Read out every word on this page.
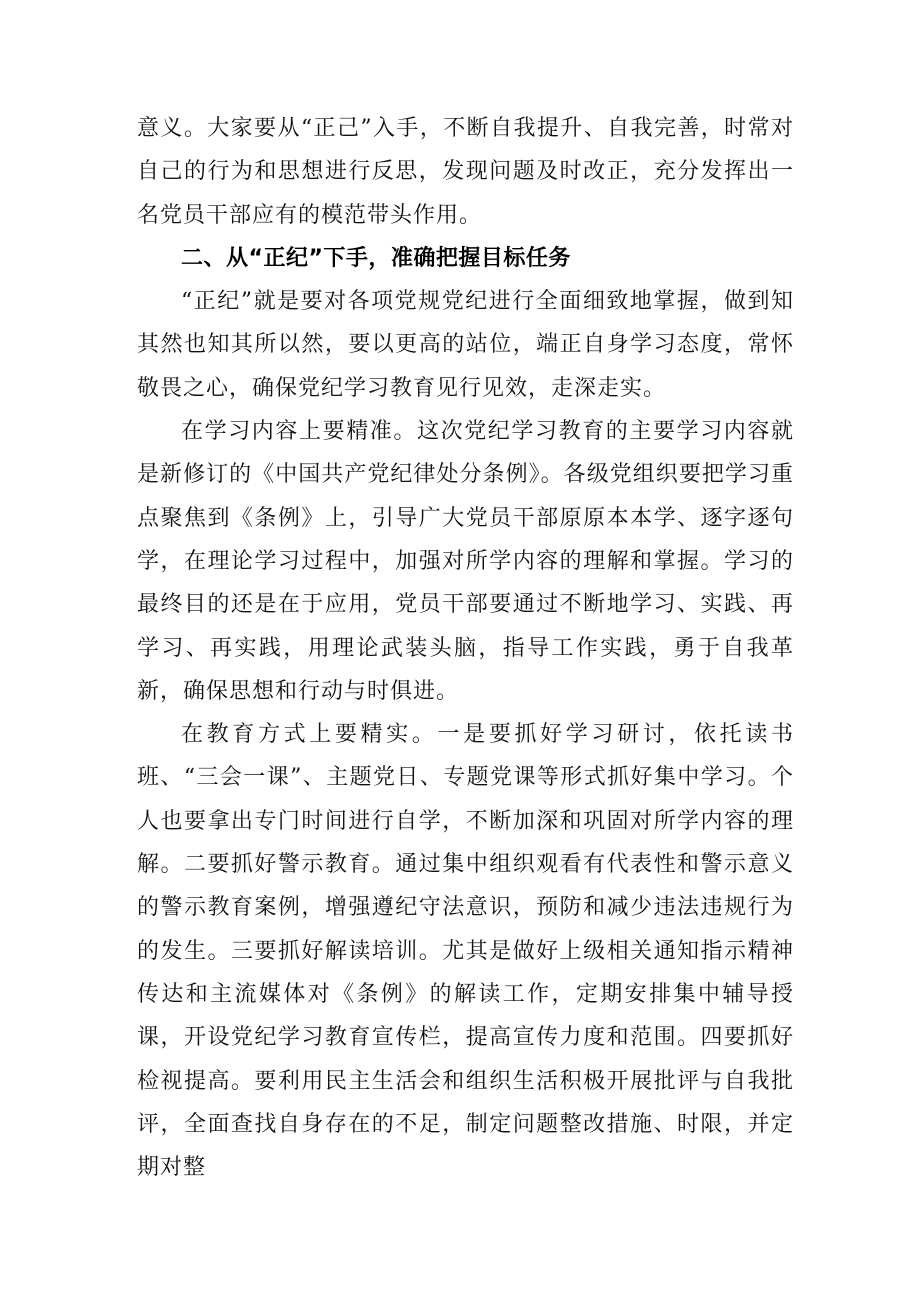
意义。大家要从“正己”入手，不断自我提升、自我完善，时常对自己的行为和思想进行反思，发现问题及时改正，充分发挥出一名党员干部应有的模范带头作用。

二、从“正纪”下手，准确把握目标任务

“正纪”就是要对各项党规党纪进行全面细致地掌握，做到知其然也知其所以然，要以更高的站位，端正自身学习态度，常怀敬畏之心，确保党纪学习教育见行见效，走深走实。

在学习内容上要精准。这次党纪学习教育的主要学习内容就是新修订的《中国共产党纪律处分条例》。各级党组织要把学习重点聚焦到《条例》上，引导广大党员干部原原本本学、逐字逐句学，在理论学习过程中，加强对所学内容的理解和掌握。学习的最终目的还是在于应用，党员干部要通过不断地学习、实践、再学习、再实践，用理论武装头脑，指导工作实践，勇于自我革新，确保思想和行动与时俱进。

在教育方式上要精实。一是要抓好学习研讨，依托读书班、“三会一课”、主题党日、专题党课等形式抓好集中学习。个人也要拿出专门时间进行自学，不断加深和巩固对所学内容的理解。二要抓好警示教育。通过集中组织观看有代表性和警示意义的警示教育案例，增强遵纪守法意识，预防和减少违法违规行为的发生。三要抓好解读培训。尤其是做好上级相关通知指示精神传达和主流媒体对《条例》的解读工作，定期安排集中辅导授课，开设党纪学习教育宣传栏，提高宣传力度和范围。四要抓好检视提高。要利用民主生活会和组织生活积极开展批评与自我批评，全面查找自身存在的不足，制定问题整改措施、时限，并定期对整
